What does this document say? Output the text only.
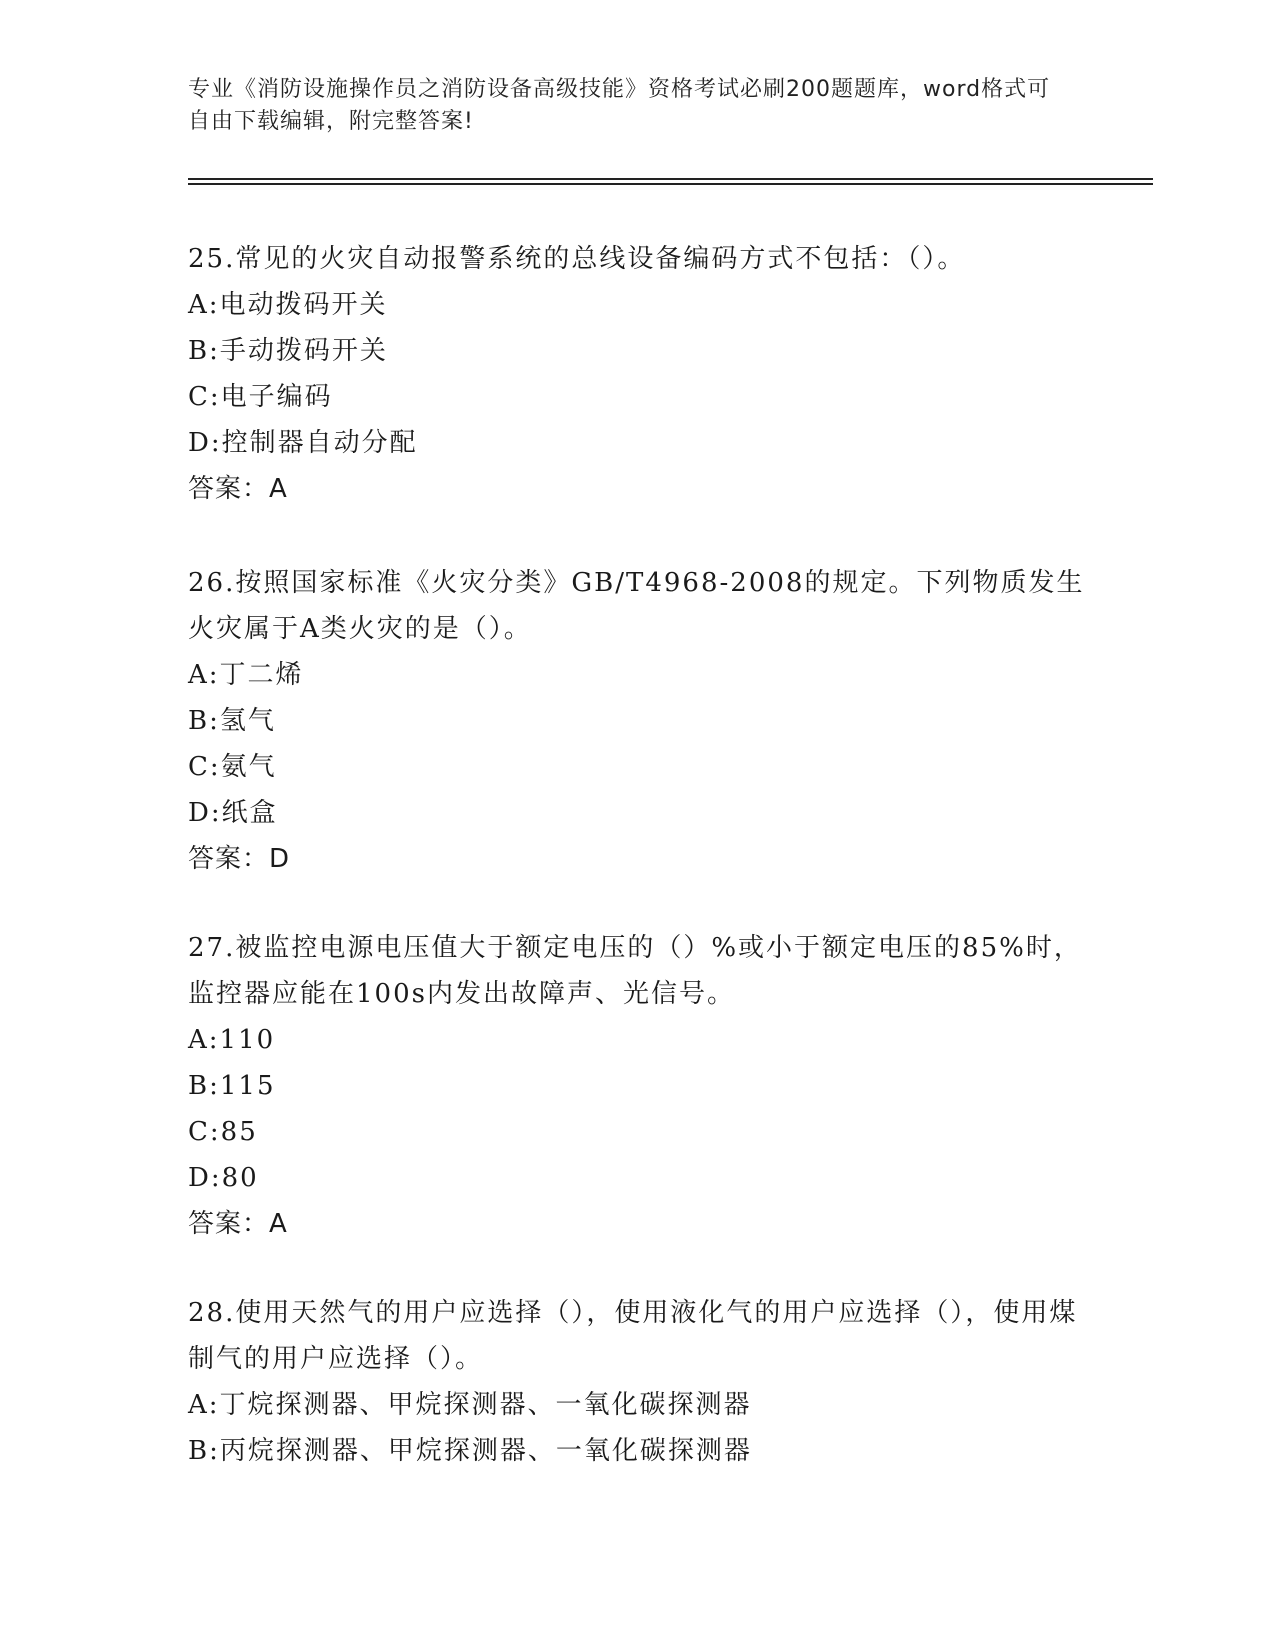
专业《消防设施操作员之消防设备高级技能》资格考试必刷200题题库，word格式可自由下载编辑，附完整答案!
25.常见的火灾自动报警系统的总线设备编码方式不包括：（）。
A:电动拨码开关
B:手动拨码开关
C:电子编码
D:控制器自动分配
答案：A
26.按照国家标准《火灾分类》GB/T4968-2008的规定。下列物质发生火灾属于A类火灾的是（）。
A:丁二烯
B:氢气
C:氨气
D:纸盒
答案：D
27.被监控电源电压值大于额定电压的（）%或小于额定电压的85%时，监控器应能在100s内发出故障声、光信号。
A:110
B:115
C:85
D:80
答案：A
28.使用天然气的用户应选择（），使用液化气的用户应选择（），使用煤制气的用户应选择（）。
A:丁烷探测器、甲烷探测器、一氧化碳探测器
B:丙烷探测器、甲烷探测器、一氧化碳探测器
